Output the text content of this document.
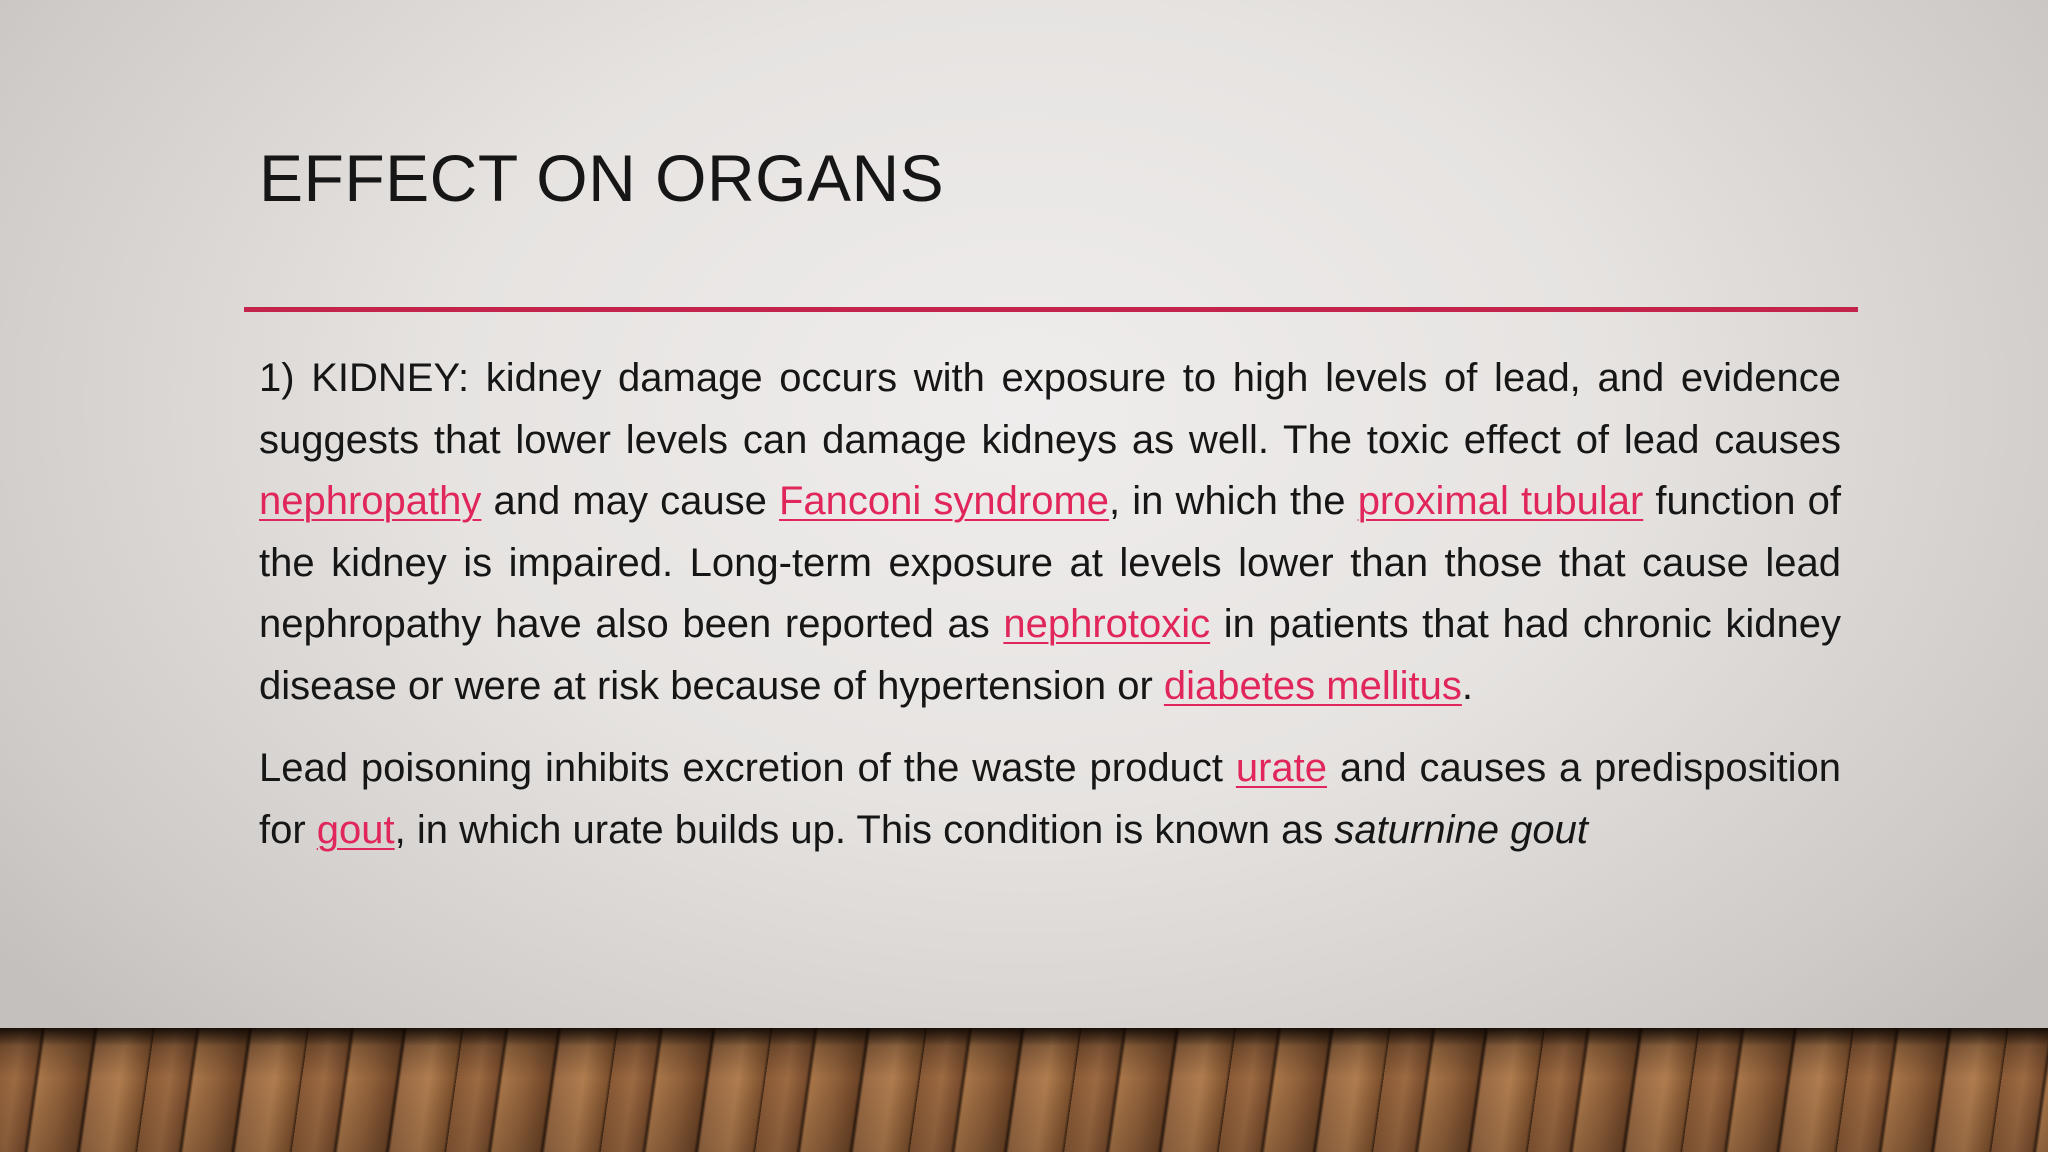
EFFECT ON ORGANS

1) KIDNEY: kidney damage occurs with exposure to high levels of lead, and evidence suggests that lower levels can damage kidneys as well. The toxic effect of lead causes nephropathy and may cause Fanconi syndrome, in which the proximal tubular function of the kidney is impaired. Long-term exposure at levels lower than those that cause lead nephropathy have also been reported as nephrotoxic in patients that had chronic kidney disease or were at risk because of hypertension or diabetes mellitus.

Lead poisoning inhibits excretion of the waste product urate and causes a predisposition for gout, in which urate builds up. This condition is known as saturnine gout
